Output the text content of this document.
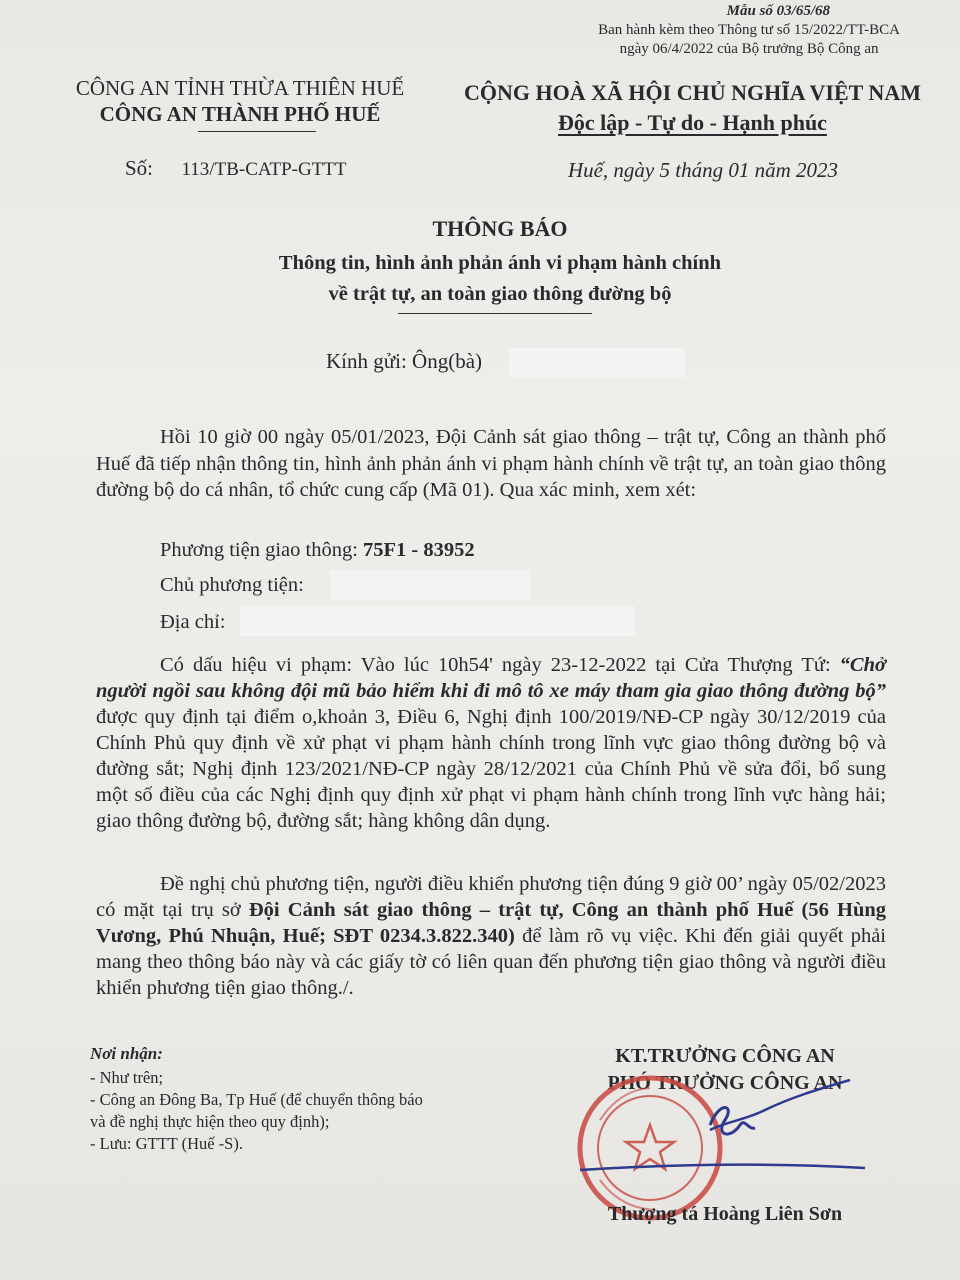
Mẫu số 03/65/68
Ban hành kèm theo Thông tư số 15/2022/TT-BCA
ngày 06/4/2022 của Bộ trưởng Bộ Công an
CÔNG AN TỈNH THỪA THIÊN HUẾ
CÔNG AN THÀNH PHỐ HUẾ
Số: 113/TB-CATP-GTTT
CỘNG HOÀ XÃ HỘI CHỦ NGHĨA VIỆT NAM
Độc lập - Tự do - Hạnh phúc
Huế, ngày 5 tháng 01 năm 2023
THÔNG BÁO
Thông tin, hình ảnh phản ánh vi phạm hành chính
về trật tự, an toàn giao thông đường bộ
Kính gửi: Ông(bà)
Hồi 10 giờ 00 ngày 05/01/2023, Đội Cảnh sát giao thông – trật tự, Công an thành phố Huế đã tiếp nhận thông tin, hình ảnh phản ánh vi phạm hành chính về trật tự, an toàn giao thông đường bộ do cá nhân, tổ chức cung cấp (Mã 01). Qua xác minh, xem xét:
Phương tiện giao thông: 75F1 - 83952
Chủ phương tiện:
Địa chỉ:
Có dấu hiệu vi phạm: Vào lúc 10h54' ngày 23-12-2022 tại Cửa Thượng Tứ: “Chở người ngồi sau không đội mũ bảo hiểm khi đi mô tô xe máy tham gia giao thông đường bộ” được quy định tại điểm o,khoản 3, Điều 6, Nghị định 100/2019/NĐ-CP ngày 30/12/2019 của Chính Phủ quy định về xử phạt vi phạm hành chính trong lĩnh vực giao thông đường bộ và đường sắt; Nghị định 123/2021/NĐ-CP ngày 28/12/2021 của Chính Phủ về sửa đổi, bổ sung một số điều của các Nghị định quy định xử phạt vi phạm hành chính trong lĩnh vực hàng hải; giao thông đường bộ, đường sắt; hàng không dân dụng.
Đề nghị chủ phương tiện, người điều khiển phương tiện đúng 9 giờ 00’ ngày 05/02/2023 có mặt tại trụ sở Đội Cảnh sát giao thông – trật tự, Công an thành phố Huế (56 Hùng Vương, Phú Nhuận, Huế; SĐT 0234.3.822.340) để làm rõ vụ việc. Khi đến giải quyết phải mang theo thông báo này và các giấy tờ có liên quan đến phương tiện giao thông và người điều khiển phương tiện giao thông./.
Nơi nhận:
- Như trên;
- Công an Đông Ba, Tp Huế (để chuyển thông báo
và đề nghị thực hiện theo quy định);
- Lưu: GTTT (Huế -S).
KT.TRƯỞNG CÔNG AN
PHÓ TRƯỞNG CÔNG AN
Thượng tá Hoàng Liên Sơn
